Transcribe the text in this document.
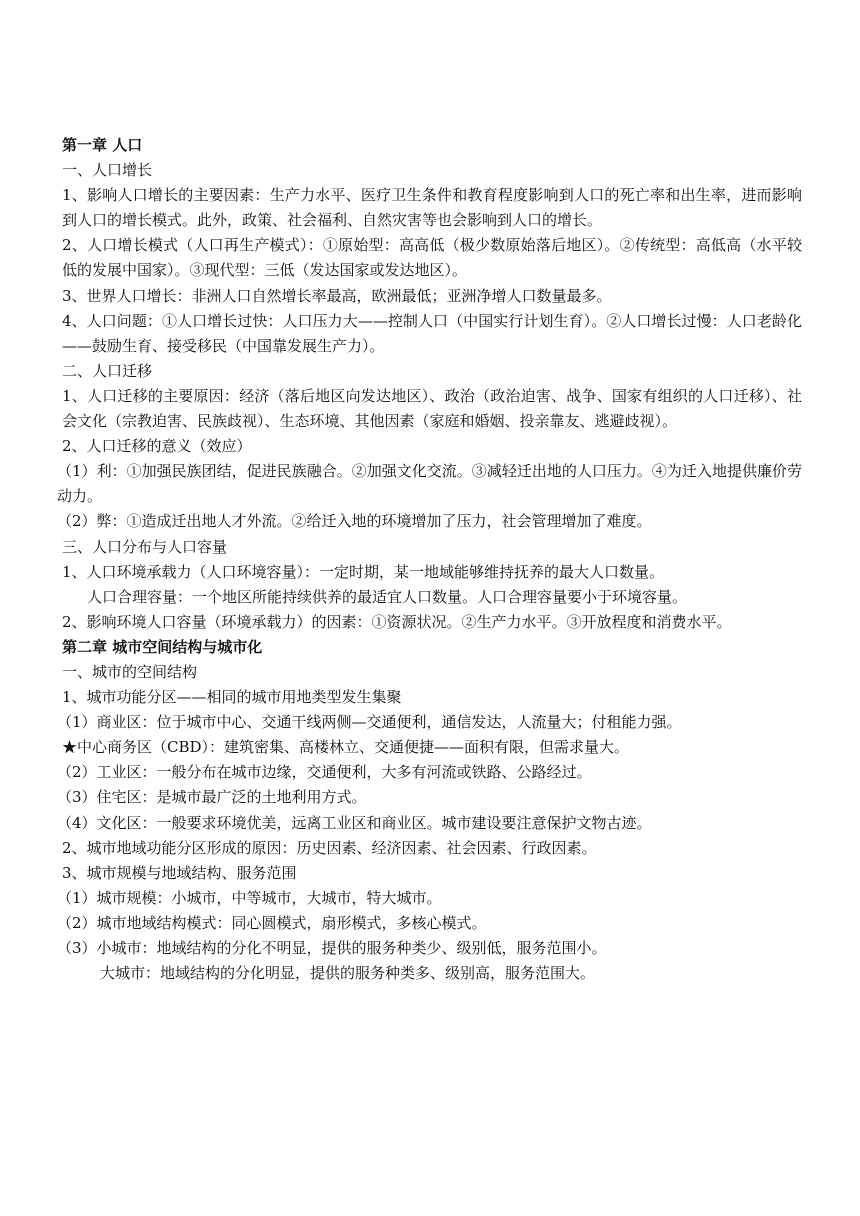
第一章 人口
一、人口增长
1、影响人口增长的主要因素：生产力水平、医疗卫生条件和教育程度影响到人口的死亡率和出生率，进而影响到人口的增长模式。此外，政策、社会福利、自然灾害等也会影响到人口的增长。
2、人口增长模式（人口再生产模式）：①原始型：高高低（极少数原始落后地区）。②传统型：高低高（水平较低的发展中国家）。③现代型：三低（发达国家或发达地区）。
3、世界人口增长：非洲人口自然增长率最高，欧洲最低；亚洲净增人口数量最多。
4、人口问题：①人口增长过快：人口压力大——控制人口（中国实行计划生育）。②人口增长过慢：人口老龄化——鼓励生育、接受移民（中国靠发展生产力）。
二、人口迁移
1、人口迁移的主要原因：经济（落后地区向发达地区）、政治（政治迫害、战争、国家有组织的人口迁移）、社会文化（宗教迫害、民族歧视）、生态环境、其他因素（家庭和婚姻、投亲靠友、逃避歧视）。
2、人口迁移的意义（效应）
（1）利：①加强民族团结，促进民族融合。②加强文化交流。③减轻迁出地的人口压力。④为迁入地提供廉价劳动力。
（2）弊：①造成迁出地人才外流。②给迁入地的环境增加了压力，社会管理增加了难度。
三、人口分布与人口容量
1、人口环境承载力（人口环境容量）：一定时期，某一地域能够维持抚养的最大人口数量。
人口合理容量：一个地区所能持续供养的最适宜人口数量。人口合理容量要小于环境容量。
2、影响环境人口容量（环境承载力）的因素：①资源状况。②生产力水平。③开放程度和消费水平。
第二章 城市空间结构与城市化
一、城市的空间结构
1、城市功能分区——相同的城市用地类型发生集聚
（1）商业区：位于城市中心、交通干线两侧—交通便利，通信发达，人流量大；付租能力强。
★中心商务区（CBD）：建筑密集、高楼林立、交通便捷——面积有限，但需求量大。
（2）工业区：一般分布在城市边缘，交通便利，大多有河流或铁路、公路经过。
（3）住宅区：是城市最广泛的土地利用方式。
（4）文化区：一般要求环境优美，远离工业区和商业区。城市建设要注意保护文物古迹。
2、城市地域功能分区形成的原因：历史因素、经济因素、社会因素、行政因素。
3、城市规模与地域结构、服务范围
（1）城市规模：小城市，中等城市，大城市，特大城市。
（2）城市地域结构模式：同心圆模式，扇形模式，多核心模式。
（3）小城市：地域结构的分化不明显，提供的服务种类少、级别低，服务范围小。
大城市：地域结构的分化明显，提供的服务种类多、级别高，服务范围大。
